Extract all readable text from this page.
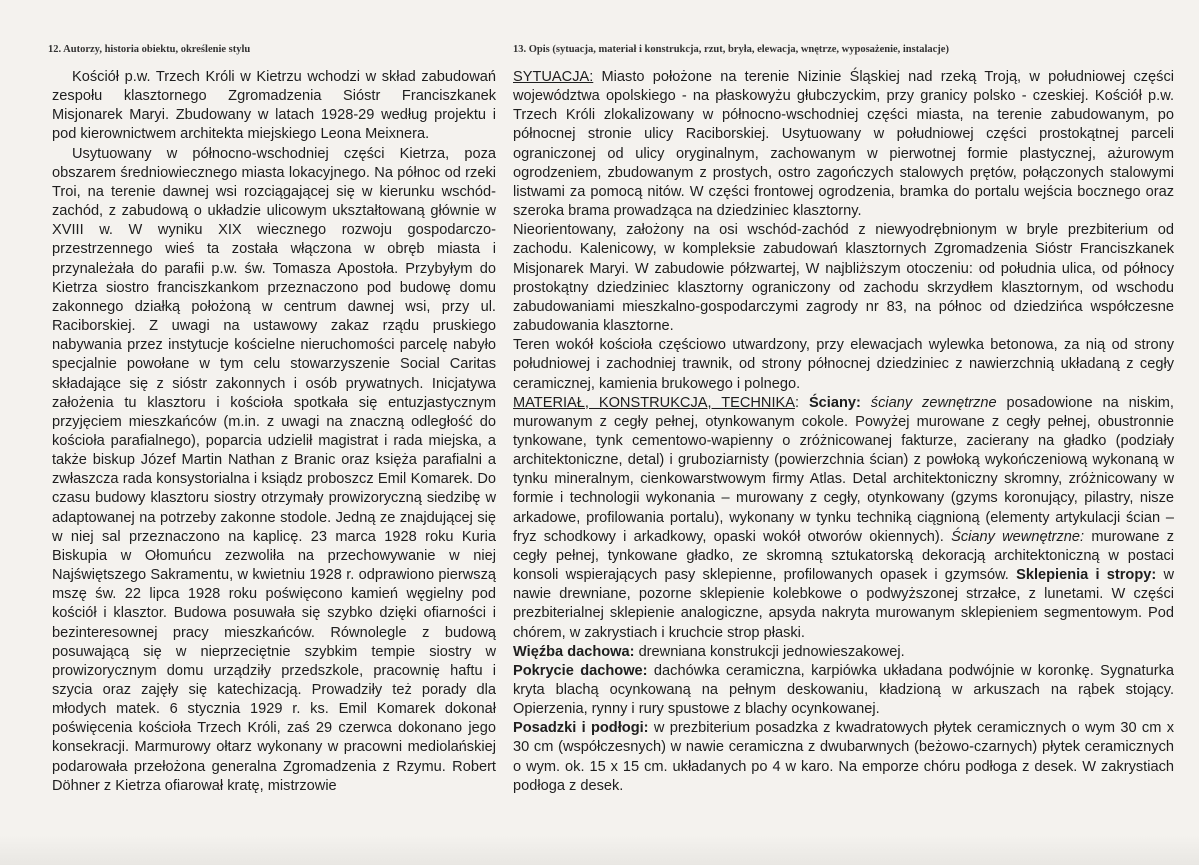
12. Autorzy, historia obiektu, określenie stylu	13. Opis (sytuacja, materiał i konstrukcja, rzut, bryła, elewacja, wnętrze, wyposażenie, instalacje)

Kościół p.w. Trzech Króli w Kietrzu wchodzi w skład zabudowań zespołu klasztornego Zgromadzenia Sióstr Franciszkanek Misjonarek Maryi. Zbudowany w latach 1928-29 według projektu i pod kierownictwem architekta miejskiego Leona Meixnera.

Usytuowany w północno-wschodniej części Kietrza, poza obszarem średniowiecznego miasta lokacyjnego. Na północ od rzeki Troi, na terenie dawnej wsi rozciągającej się w kierunku wschód-zachód, z zabudową o układzie ulicowym ukształtowaną głównie w XVIII w. W wyniku XIX wiecznego rozwoju gospodarczo-przestrzennego wieś ta została włączona w obręb miasta i przynależała do parafii p.w. św. Tomasza Apostoła. Przybyłym do Kietrza siostro franciszkankom przeznaczono pod budowę domu zakonnego działką położoną w centrum dawnej wsi, przy ul. Raciborskiej. Z uwagi na ustawowy zakaz rządu pruskiego nabywania przez instytucje kościelne nieruchomości parcelę nabyło specjalnie powołane w tym celu stowarzyszenie Social Caritas składające się z sióstr zakonnych i osób prywatnych. Inicjatywa założenia tu klasztoru i kościoła spotkała się entuzjastycznym przyjęciem mieszkańców (m.in. z uwagi na znaczną odległość do kościoła parafialnego), poparcia udzielił magistrat i rada miejska, a także biskup Józef Martin Nathan z Branic oraz księża parafialni a zwłaszcza rada konsystorialna i ksiądz proboszcz Emil Komarek. Do czasu budowy klasztoru siostry otrzymały prowizoryczną siedzibę w adaptowanej na potrzeby zakonne stodole. Jedną ze znajdującej się w niej sal przeznaczono na kaplicę. 23 marca 1928 roku Kuria Biskupia w Ołomuńcu zezwoliła na przechowywanie w niej Najświętszego Sakramentu, w kwietniu 1928 r. odprawiono pierwszą mszę św. 22 lipca 1928 roku poświęcono kamień węgielny pod kościół i klasztor. Budowa posuwała się szybko dzięki ofiarności i bezinteresownej pracy mieszkańców. Równolegle z budową posuwającą się w nieprzeciętnie szybkim tempie siostry w prowizorycznym domu urządziły przedszkole, pracownię haftu i szycia oraz zajęły się katechizacją. Prowadziły też porady dla młodych matek. 6 stycznia 1929 r. ks. Emil Komarek dokonał poświęcenia kościoła Trzech Króli, zaś 29 czerwca dokonano jego konsekracji. Marmurowy ołtarz wykonany w pracowni mediolańskiej podarowała przełożona generalna Zgromadzenia z Rzymu. Robert Döhner z Kietrza ofiarował kratę, mistrzowie

SYTUACJA: Miasto położone na terenie Nizinie Śląskiej nad rzeką Troją, w południowej części województwa opolskiego - na płaskowyżu głubczyckim, przy granicy polsko - czeskiej. Kościół p.w. Trzech Króli zlokalizowany w północno-wschodniej części miasta, na terenie zabudowanym, po północnej stronie ulicy Raciborskiej. Usytuowany w południowej części prostokątnej parceli ograniczonej od ulicy oryginalnym, zachowanym w pierwotnej formie plastycznej, ażurowym ogrodzeniem, zbudowanym z prostych, ostro zagończych stalowych prętów, połączonych stalowymi listwami za pomocą nitów. W części frontowej ogrodzenia, bramka do portalu wejścia bocznego oraz szeroka brama prowadząca na dziedziniec klasztorny.

Nieorientowany, założony na osi wschód-zachód z niewyodrębnionym w bryle prezbiterium od zachodu. Kalenicowy, w kompleksie zabudowań klasztornych Zgromadzenia Sióstr Franciszkanek Misjonarek Maryi. W zabudowie półzwartej, W najbliższym otoczeniu: od południa ulica, od północy prostokątny dziedziniec klasztorny ograniczony od zachodu skrzydłem klasztornym, od wschodu zabudowaniami mieszkalno-gospodarczymi zagrody nr 83, na północ od dziedzińca współczesne zabudowania klasztorne.

Teren wokół kościoła częściowo utwardzony, przy elewacjach wylewka betonowa, za nią od strony południowej i zachodniej trawnik, od strony północnej dziedziniec z nawierzchnią układaną z cegły ceramicznej, kamienia brukowego i polnego.

MATERIAŁ, KONSTRUKCJA, TECHNIKA: Ściany: ściany zewnętrzne posadowione na niskim, murowanym z cegły pełnej, otynkowanym cokole. Powyżej murowane z cegły pełnej, obustronnie tynkowane, tynk cementowo-wapienny o zróżnicowanej fakturze, zacierany na gładko (podziały architektoniczne, detal) i gruboziarnisty (powierzchnia ścian) z powłoką wykończeniową wykonaną w tynku mineralnym, cienkowarstwowym firmy Atlas. Detal architektoniczny skromny, zróżnicowany w formie i technologii wykonania – murowany z cegły, otynkowany (gzyms koronujący, pilastry, nisze arkadowe, profilowania portalu), wykonany w tynku techniką ciągnioną (elementy artykulacji ścian – fryz schodkowy i arkadkowy, opaski wokół otworów okiennych). Ściany wewnętrzne: murowane z cegły pełnej, tynkowane gładko, ze skromną sztukatorską dekoracją architektoniczną w postaci konsoli wspierających pasy sklepienne, profilowanych opasek i gzymsów. Sklepienia i stropy: w nawie drewniane, pozorne sklepienie kolebkowe o podwyższonej strzałce, z lunetami. W części prezbiterialnej sklepienie analogiczne, apsyda nakryta murowanym sklepieniem segmentowym. Pod chórem, w zakrystiach i kruchcie strop płaski.

Więźba dachowa: drewniana konstrukcji jednowieszakowej.

Pokrycie dachowe: dachówka ceramiczna, karpiówka układana podwójnie w koronkę. Sygnaturka kryta blachą ocynkowaną na pełnym deskowaniu, kładzioną w arkuszach na rąbek stojący. Opierzenia, rynny i rury spustowe z blachy ocynkowanej.

Posadzki i podłogi: w prezbiterium posadzka z kwadratowych płytek ceramicznych o wym 30 cm x 30 cm (współczesnych) w nawie ceramiczna z dwubarwnych (beżowo-czarnych) płytek ceramicznych o wym. ok. 15 x 15 cm. układanych po 4 w karo. Na emporze chóru podłoga z desek. W zakrystiach podłoga z desek.
